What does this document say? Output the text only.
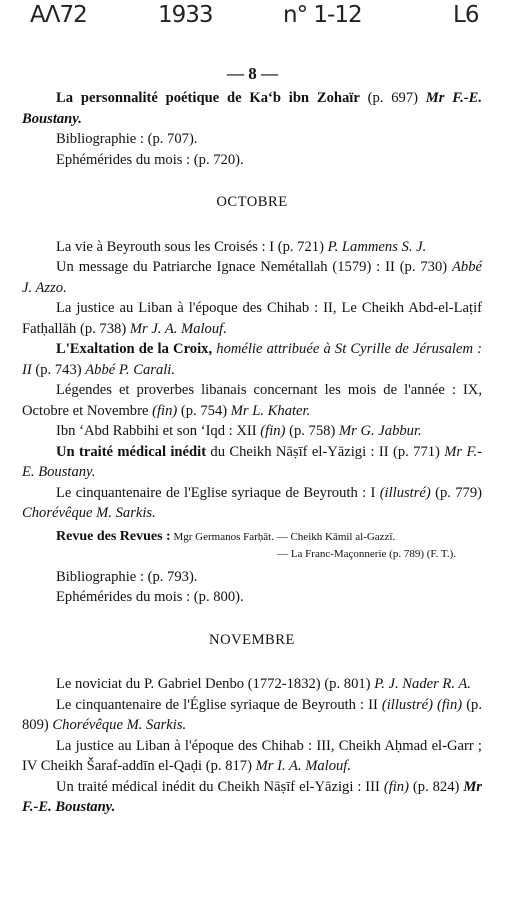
ΑΛ72	1933	n° 1-12	L6
— 8 —

La personnalité poétique de Ka‘b ibn Zohaïr (p. 697) Mr F.-E. Boustany.

Bibliographie : (p. 707).

Ephémérides du mois : (p. 720).

OCTOBRE

La vie à Beyrouth sous les Croisés : I (p. 721) P. Lammens S. J.

Un message du Patriarche Ignace Nemétallah (1579) : II (p. 730) Abbé J. Azzo.

La justice au Liban à l'époque des Chihab : II, Le Cheikh Abd-el-Laṭif Fatḥallāh (p. 738) Mr J. A. Malouf.

L'Exaltation de la Croix, homélie attribuée à St Cyrille de Jérusalem : II (p. 743) Abbé P. Carali.

Légendes et proverbes libanais concernant les mois de l'année : IX, Octobre et Novembre (fin) (p. 754) Mr L. Khater.

Ibn ‘Abd Rabbihi et son ‘Iqd : XII (fin) (p. 758) Mr G. Jabbur.

Un traité médical inédit du Cheikh Nāṣīf el-Yāzigi : II (p. 771) Mr F.-E. Boustany.

Le cinquantenaire de l'Eglise syriaque de Beyrouth : I (illustré) (p. 779) Chorévêque M. Sarkis.

Revue des Revues : Mgr Germanos Farḥāt. — Cheikh Kāmil al-Gazzī.
— La Franc-Maçonnerie (p. 789) (F. T.).

Bibliographie : (p. 793).

Ephémérides du mois : (p. 800).

NOVEMBRE

Le noviciat du P. Gabriel Denbo (1772-1832) (p. 801) P. J. Nader R. A.

Le cinquantenaire de l'Église syriaque de Beyrouth : II (illustré) (fin) (p. 809) Chorévêque M. Sarkis.

La justice au Liban à l'époque des Chihab : III, Cheikh Aḥmad el-Garr ; IV Cheikh Šaraf-addīn el-Qaḍi (p. 817) Mr I. A. Malouf.

Un traité médical inédit du Cheikh Nāṣīf el-Yāzigi : III (fin) (p. 824) Mr F.-E. Boustany.
